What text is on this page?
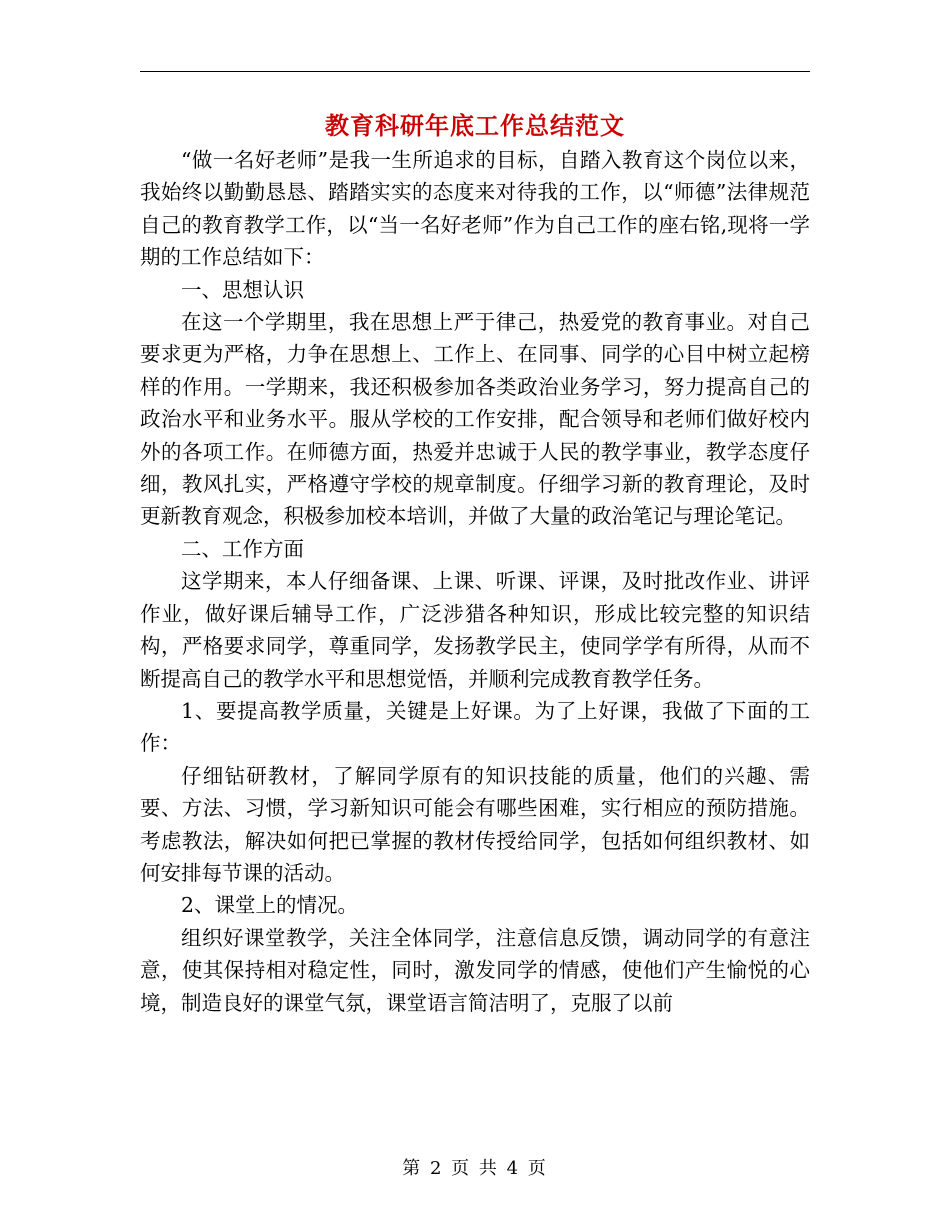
教育科研年底工作总结范文

“做一名好老师”是我一生所追求的目标，自踏入教育这个岗位以来，我始终以勤勤恳恳、踏踏实实的态度来对待我的工作，以“师德”法律规范自己的教育教学工作，以“当一名好老师”作为自己工作的座右铭,现将一学期的工作总结如下：

一、思想认识

在这一个学期里，我在思想上严于律己，热爱党的教育事业。对自己要求更为严格，力争在思想上、工作上、在同事、同学的心目中树立起榜样的作用。一学期来，我还积极参加各类政治业务学习，努力提高自己的政治水平和业务水平。服从学校的工作安排，配合领导和老师们做好校内外的各项工作。在师德方面，热爱并忠诚于人民的教学事业，教学态度仔细，教风扎实，严格遵守学校的规章制度。仔细学习新的教育理论，及时更新教育观念，积极参加校本培训，并做了大量的政治笔记与理论笔记。

二、工作方面

这学期来，本人仔细备课、上课、听课、评课，及时批改作业、讲评作业，做好课后辅导工作，广泛涉猎各种知识，形成比较完整的知识结构，严格要求同学，尊重同学，发扬教学民主，使同学学有所得，从而不断提高自己的教学水平和思想觉悟，并顺利完成教育教学任务。

1、要提高教学质量，关键是上好课。为了上好课，我做了下面的工作：

仔细钻研教材，了解同学原有的知识技能的质量，他们的兴趣、需要、方法、习惯，学习新知识可能会有哪些困难，实行相应的预防措施。考虑教法，解决如何把已掌握的教材传授给同学，包括如何组织教材、如何安排每节课的活动。

2、课堂上的情况。

组织好课堂教学，关注全体同学，注意信息反馈，调动同学的有意注意，使其保持相对稳定性，同时，激发同学的情感，使他们产生愉悦的心境，制造良好的课堂气氛，课堂语言简洁明了，克服了以前

第 2 页 共 4 页
